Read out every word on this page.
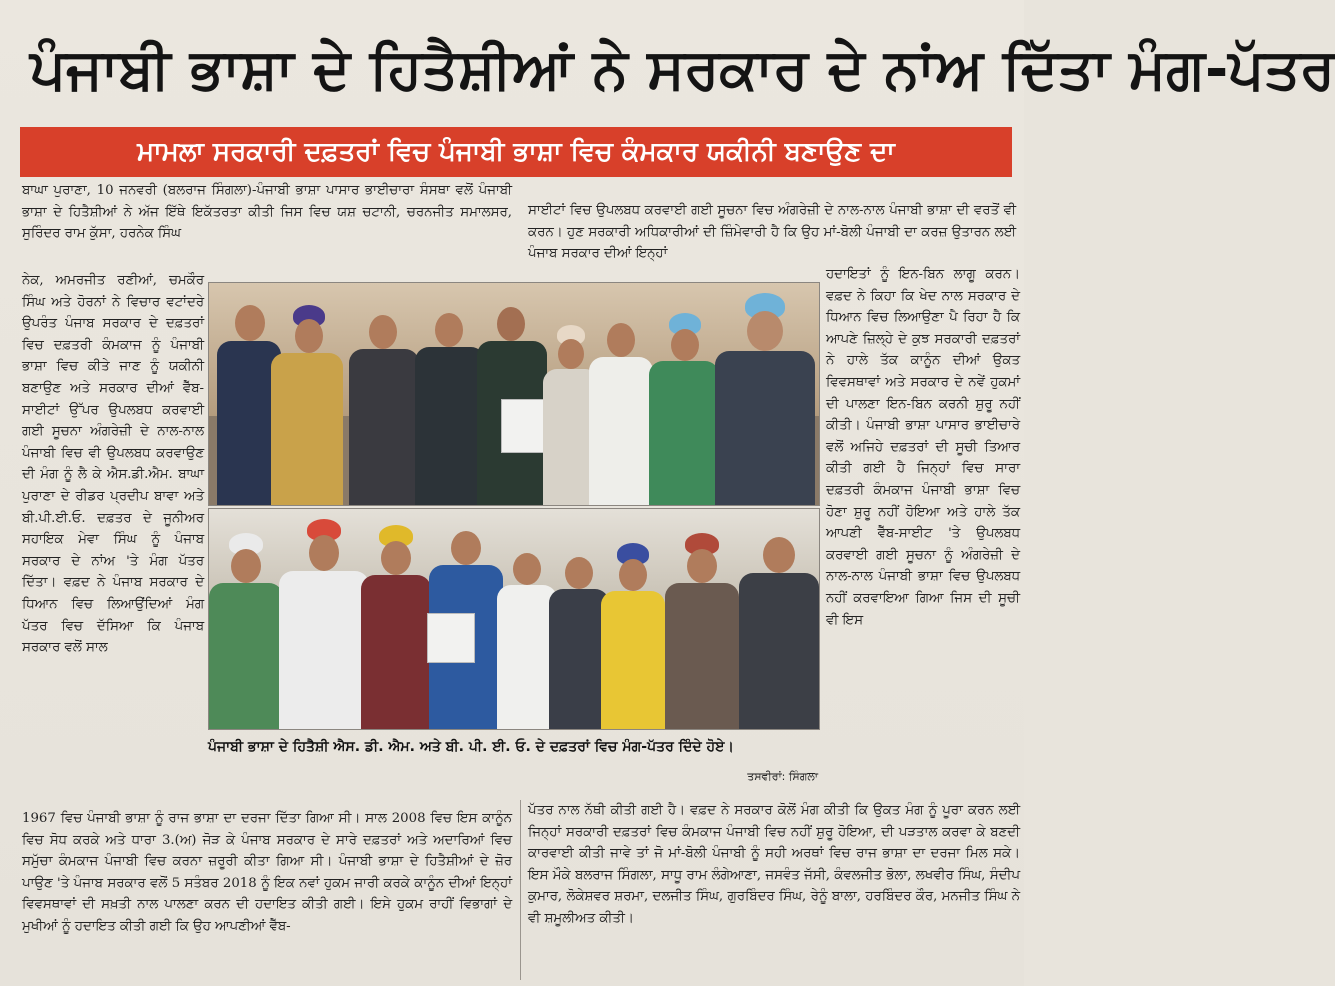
ਪੰਜਾਬੀ ਭਾਸ਼ਾ ਦੇ ਹਿਤੈਸ਼ੀਆਂ ਨੇ ਸਰਕਾਰ ਦੇ ਨਾਂਅ ਦਿੱਤਾ ਮੰਗ-ਪੱਤਰ
ਮਾਮਲਾ ਸਰਕਾਰੀ ਦਫ਼ਤਰਾਂ ਵਿਚ ਪੰਜਾਬੀ ਭਾਸ਼ਾ ਵਿਚ ਕੰਮਕਾਰ ਯਕੀਨੀ ਬਣਾਉਣ ਦਾ
ਬਾਘਾ ਪੁਰਾਣਾ, 10 ਜਨਵਰੀ (ਬਲਰਾਜ ਸਿੰਗਲਾ)-ਪੰਜਾਬੀ ਭਾਸ਼ਾ ਪਾਸਾਰ ਭਾਈਚਾਰਾ ਸੰਸਥਾ ਵਲੋਂ ਪੰਜਾਬੀ ਭਾਸ਼ਾ ਦੇ ਹਿਤੈਸ਼ੀਆਂ ਨੇ ਅੱਜ ਇੱਥੇ ਇਕੱਤਰਤਾ ਕੀਤੀ ਜਿਸ ਵਿਚ ਯਸ਼ ਚਟਾਨੀ, ਚਰਨਜੀਤ ਸਮਾਲਸਰ, ਸੁਰਿੰਦਰ ਰਾਮ ਕੁੱਸਾ, ਹਰਨੇਕ ਸਿੰਘ
ਨੇਕ, ਅਮਰਜੀਤ ਰਣੀਆਂ, ਚਮਕੌਰ ਸਿੰਘ ਅਤੇ ਹੋਰਨਾਂ ਨੇ ਵਿਚਾਰ ਵਟਾਂਦਰੇ ਉਪਰੰਤ ਪੰਜਾਬ ਸਰਕਾਰ ਦੇ ਦਫ਼ਤਰਾਂ ਵਿਚ ਦਫ਼ਤਰੀ ਕੰਮਕਾਜ ਨੂੰ ਪੰਜਾਬੀ ਭਾਸ਼ਾ ਵਿਚ ਕੀਤੇ ਜਾਣ ਨੂੰ ਯਕੀਨੀ ਬਣਾਉਣ ਅਤੇ ਸਰਕਾਰ ਦੀਆਂ ਵੈੱਬ-ਸਾਈਟਾਂ ਉੱਪਰ ਉਪਲਬਧ ਕਰਵਾਈ ਗਈ ਸੂਚਨਾ ਅੰਗਰੇਜ਼ੀ ਦੇ ਨਾਲ-ਨਾਲ ਪੰਜਾਬੀ ਵਿਚ ਵੀ ਉਪਲਬਧ ਕਰਵਾਉਣ ਦੀ ਮੰਗ ਨੂੰ ਲੈ ਕੇ ਐਸ.ਡੀ.ਐਮ. ਬਾਘਾ ਪੁਰਾਣਾ ਦੇ ਰੀਡਰ ਪ੍ਰਦੀਪ ਬਾਵਾ ਅਤੇ ਬੀ.ਪੀ.ਈ.ਓ. ਦਫ਼ਤਰ ਦੇ ਜੂਨੀਅਰ ਸਹਾਇਕ ਮੇਵਾ ਸਿੰਘ ਨੂੰ ਪੰਜਾਬ ਸਰਕਾਰ ਦੇ ਨਾਂਅ 'ਤੇ ਮੰਗ ਪੱਤਰ ਦਿੱਤਾ। ਵਫ਼ਦ ਨੇ ਪੰਜਾਬ ਸਰਕਾਰ ਦੇ ਧਿਆਨ ਵਿਚ ਲਿਆਉਂਦਿਆਂ ਮੰਗ ਪੱਤਰ ਵਿਚ ਦੱਸਿਆ ਕਿ ਪੰਜਾਬ ਸਰਕਾਰ ਵਲੋਂ ਸਾਲ
1967 ਵਿਚ ਪੰਜਾਬੀ ਭਾਸ਼ਾ ਨੂੰ ਰਾਜ ਭਾਸ਼ਾ ਦਾ ਦਰਜਾ ਦਿੱਤਾ ਗਿਆ ਸੀ। ਸਾਲ 2008 ਵਿਚ ਇਸ ਕਾਨੂੰਨ ਵਿਚ ਸੋਧ ਕਰਕੇ ਅਤੇ ਧਾਰਾ 3.(ਅ) ਜੋੜ ਕੇ ਪੰਜਾਬ ਸਰਕਾਰ ਦੇ ਸਾਰੇ ਦਫ਼ਤਰਾਂ ਅਤੇ ਅਦਾਰਿਆਂ ਵਿਚ ਸਮੁੱਚਾ ਕੰਮਕਾਜ ਪੰਜਾਬੀ ਵਿਚ ਕਰਨਾ ਜ਼ਰੂਰੀ ਕੀਤਾ ਗਿਆ ਸੀ। ਪੰਜਾਬੀ ਭਾਸ਼ਾ ਦੇ ਹਿਤੈਸ਼ੀਆਂ ਦੇ ਜ਼ੋਰ ਪਾਉਣ 'ਤੇ ਪੰਜਾਬ ਸਰਕਾਰ ਵਲੋਂ 5 ਸਤੰਬਰ 2018 ਨੂੰ ਇਕ ਨਵਾਂ ਹੁਕਮ ਜਾਰੀ ਕਰਕੇ ਕਾਨੂੰਨ ਦੀਆਂ ਇਨ੍ਹਾਂ ਵਿਵਸਥਾਵਾਂ ਦੀ ਸਖ਼ਤੀ ਨਾਲ ਪਾਲਣਾ ਕਰਨ ਦੀ ਹਦਾਇਤ ਕੀਤੀ ਗਈ। ਇਸੇ ਹੁਕਮ ਰਾਹੀਂ ਵਿਭਾਗਾਂ ਦੇ ਮੁਖੀਆਂ ਨੂੰ ਹਦਾਇਤ ਕੀਤੀ ਗਈ ਕਿ ਉਹ ਆਪਣੀਆਂ ਵੈੱਬ-
ਸਾਈਟਾਂ ਵਿਚ ਉਪਲਬਧ ਕਰਵਾਈ ਗਈ ਸੂਚਨਾ ਵਿਚ ਅੰਗਰੇਜ਼ੀ ਦੇ ਨਾਲ-ਨਾਲ ਪੰਜਾਬੀ ਭਾਸ਼ਾ ਦੀ ਵਰਤੋਂ ਵੀ ਕਰਨ। ਹੁਣ ਸਰਕਾਰੀ ਅਧਿਕਾਰੀਆਂ ਦੀ ਜ਼ਿੰਮੇਵਾਰੀ ਹੈ ਕਿ ਉਹ ਮਾਂ-ਬੋਲੀ ਪੰਜਾਬੀ ਦਾ ਕਰਜ਼ ਉਤਾਰਨ ਲਈ ਪੰਜਾਬ ਸਰਕਾਰ ਦੀਆਂ ਇਨ੍ਹਾਂ
ਹਦਾਇਤਾਂ ਨੂੰ ਇਨ-ਬਿਨ ਲਾਗੂ ਕਰਨ। ਵਫ਼ਦ ਨੇ ਕਿਹਾ ਕਿ ਖੇਦ ਨਾਲ ਸਰਕਾਰ ਦੇ ਧਿਆਨ ਵਿਚ ਲਿਆਉਣਾ ਪੈ ਰਿਹਾ ਹੈ ਕਿ ਆਪਣੇ ਜ਼ਿਲ੍ਹੇ ਦੇ ਕੁਝ ਸਰਕਾਰੀ ਦਫ਼ਤਰਾਂ ਨੇ ਹਾਲੇ ਤੱਕ ਕਾਨੂੰਨ ਦੀਆਂ ਉਕਤ ਵਿਵਸਥਾਵਾਂ ਅਤੇ ਸਰਕਾਰ ਦੇ ਨਵੇਂ ਹੁਕਮਾਂ ਦੀ ਪਾਲਣਾ ਇਨ-ਬਿਨ ਕਰਨੀ ਸ਼ੁਰੂ ਨਹੀਂ ਕੀਤੀ। ਪੰਜਾਬੀ ਭਾਸ਼ਾ ਪਾਸਾਰ ਭਾਈਚਾਰੇ ਵਲੋਂ ਅਜਿਹੇ ਦਫ਼ਤਰਾਂ ਦੀ ਸੂਚੀ ਤਿਆਰ ਕੀਤੀ ਗਈ ਹੈ ਜਿਨ੍ਹਾਂ ਵਿਚ ਸਾਰਾ ਦਫ਼ਤਰੀ ਕੰਮਕਾਜ ਪੰਜਾਬੀ ਭਾਸ਼ਾ ਵਿਚ ਹੋਣਾ ਸ਼ੁਰੂ ਨਹੀਂ ਹੋਇਆ ਅਤੇ ਹਾਲੇ ਤੱਕ ਆਪਣੀ ਵੈੱਬ-ਸਾਈਟ 'ਤੇ ਉਪਲਬਧ ਕਰਵਾਈ ਗਈ ਸੂਚਨਾ ਨੂੰ ਅੰਗਰੇਜ਼ੀ ਦੇ ਨਾਲ-ਨਾਲ ਪੰਜਾਬੀ ਭਾਸ਼ਾ ਵਿਚ ਉਪਲਬਧ ਨਹੀਂ ਕਰਵਾਇਆ ਗਿਆ ਜਿਸ ਦੀ ਸੂਚੀ ਵੀ ਇਸ
ਪੱਤਰ ਨਾਲ ਨੱਥੀ ਕੀਤੀ ਗਈ ਹੈ। ਵਫ਼ਦ ਨੇ ਸਰਕਾਰ ਕੋਲੋਂ ਮੰਗ ਕੀਤੀ ਕਿ ਉਕਤ ਮੰਗ ਨੂੰ ਪੂਰਾ ਕਰਨ ਲਈ ਜਿਨ੍ਹਾਂ ਸਰਕਾਰੀ ਦਫ਼ਤਰਾਂ ਵਿਚ ਕੰਮਕਾਜ ਪੰਜਾਬੀ ਵਿਚ ਨਹੀਂ ਸ਼ੁਰੂ ਹੋਇਆ, ਦੀ ਪੜਤਾਲ ਕਰਵਾ ਕੇ ਬਣਦੀ ਕਾਰਵਾਈ ਕੀਤੀ ਜਾਵੇ ਤਾਂ ਜੋ ਮਾਂ-ਬੋਲੀ ਪੰਜਾਬੀ ਨੂੰ ਸਹੀ ਅਰਥਾਂ ਵਿਚ ਰਾਜ ਭਾਸ਼ਾ ਦਾ ਦਰਜਾ ਮਿਲ ਸਕੇ। ਇਸ ਮੌਕੇ ਬਲਰਾਜ ਸਿੰਗਲਾ, ਸਾਧੂ ਰਾਮ ਲੰਗੇਆਣਾ, ਜਸਵੰਤ ਜੱਸੀ, ਕੰਵਲਜੀਤ ਭੋਲਾ, ਲਖਵੀਰ ਸਿੰਘ, ਸੰਦੀਪ ਕੁਮਾਰ, ਲੋਕੇਸ਼ਵਰ ਸ਼ਰਮਾ, ਦਲਜੀਤ ਸਿੰਘ, ਗੁਰਬਿੰਦਰ ਸਿੰਘ, ਰੇਨੂੰ ਬਾਲਾ, ਹਰਬਿੰਦਰ ਕੌਰ, ਮਨਜੀਤ ਸਿੰਘ ਨੇ ਵੀ ਸ਼ਮੂਲੀਅਤ ਕੀਤੀ।
ਪੰਜਾਬੀ ਭਾਸ਼ਾ ਦੇ ਹਿਤੈਸ਼ੀ ਐਸ. ਡੀ. ਐਮ. ਅਤੇ ਬੀ. ਪੀ. ਈ. ਓ. ਦੇ ਦਫ਼ਤਰਾਂ ਵਿਚ ਮੰਗ-ਪੱਤਰ ਦਿੰਦੇ ਹੋਏ।
ਤਸਵੀਰਾਂ: ਸਿੰਗਲਾ
